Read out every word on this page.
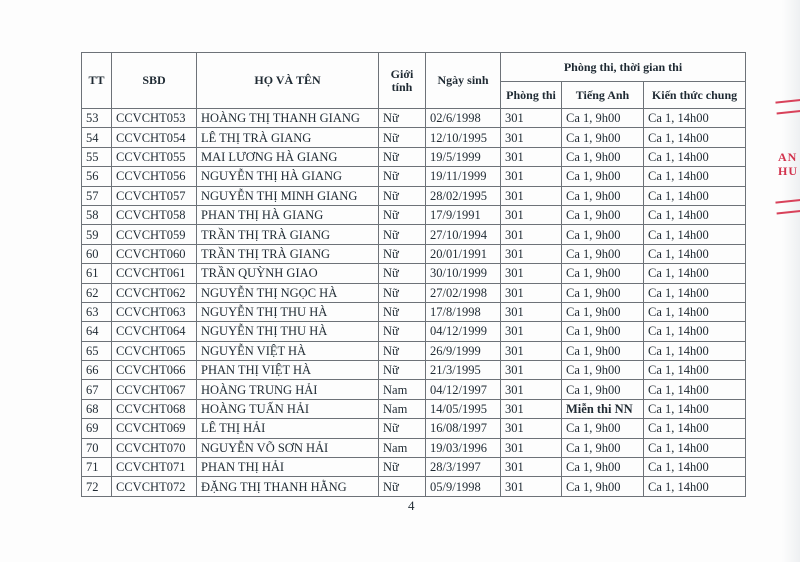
TT	SBD	HỌ VÀ TÊN	Giới tính	Ngày sinh	Phòng thi, thời gian thi		
					Phòng thi	Tiếng Anh	Kiến thức chung
53	CCVCHT053	HOÀNG THỊ THANH GIANG	Nữ	02/6/1998	301	Ca 1, 9h00	Ca 1, 14h00
54	CCVCHT054	LÊ THỊ TRÀ GIANG	Nữ	12/10/1995	301	Ca 1, 9h00	Ca 1, 14h00
55	CCVCHT055	MAI LƯƠNG HÀ GIANG	Nữ	19/5/1999	301	Ca 1, 9h00	Ca 1, 14h00
56	CCVCHT056	NGUYỄN THỊ HÀ GIANG	Nữ	19/11/1999	301	Ca 1, 9h00	Ca 1, 14h00
57	CCVCHT057	NGUYỄN THỊ MINH GIANG	Nữ	28/02/1995	301	Ca 1, 9h00	Ca 1, 14h00
58	CCVCHT058	PHAN THỊ HÀ GIANG	Nữ	17/9/1991	301	Ca 1, 9h00	Ca 1, 14h00
59	CCVCHT059	TRẦN THỊ TRÀ GIANG	Nữ	27/10/1994	301	Ca 1, 9h00	Ca 1, 14h00
60	CCVCHT060	TRẦN THỊ TRÀ GIANG	Nữ	20/01/1991	301	Ca 1, 9h00	Ca 1, 14h00
61	CCVCHT061	TRẦN QUỲNH GIAO	Nữ	30/10/1999	301	Ca 1, 9h00	Ca 1, 14h00
62	CCVCHT062	NGUYỄN THỊ NGỌC HÀ	Nữ	27/02/1998	301	Ca 1, 9h00	Ca 1, 14h00
63	CCVCHT063	NGUYỄN THỊ THU HÀ	Nữ	17/8/1998	301	Ca 1, 9h00	Ca 1, 14h00
64	CCVCHT064	NGUYỄN THỊ THU HÀ	Nữ	04/12/1999	301	Ca 1, 9h00	Ca 1, 14h00
65	CCVCHT065	NGUYỄN VIỆT HÀ	Nữ	26/9/1999	301	Ca 1, 9h00	Ca 1, 14h00
66	CCVCHT066	PHAN THỊ VIỆT HÀ	Nữ	21/3/1995	301	Ca 1, 9h00	Ca 1, 14h00
67	CCVCHT067	HOÀNG TRUNG HẢI	Nam	04/12/1997	301	Ca 1, 9h00	Ca 1, 14h00
68	CCVCHT068	HOÀNG TUẤN HẢI	Nam	14/05/1995	301	Miễn thi NN	Ca 1, 14h00
69	CCVCHT069	LÊ THỊ HẢI	Nữ	16/08/1997	301	Ca 1, 9h00	Ca 1, 14h00
70	CCVCHT070	NGUYỄN VÕ SƠN HẢI	Nam	19/03/1996	301	Ca 1, 9h00	Ca 1, 14h00
71	CCVCHT071	PHAN THỊ HẢI	Nữ	28/3/1997	301	Ca 1, 9h00	Ca 1, 14h00
72	CCVCHT072	ĐẶNG THỊ THANH HẰNG	Nữ	05/9/1998	301	Ca 1, 9h00	Ca 1, 14h00
4
AN
HU
